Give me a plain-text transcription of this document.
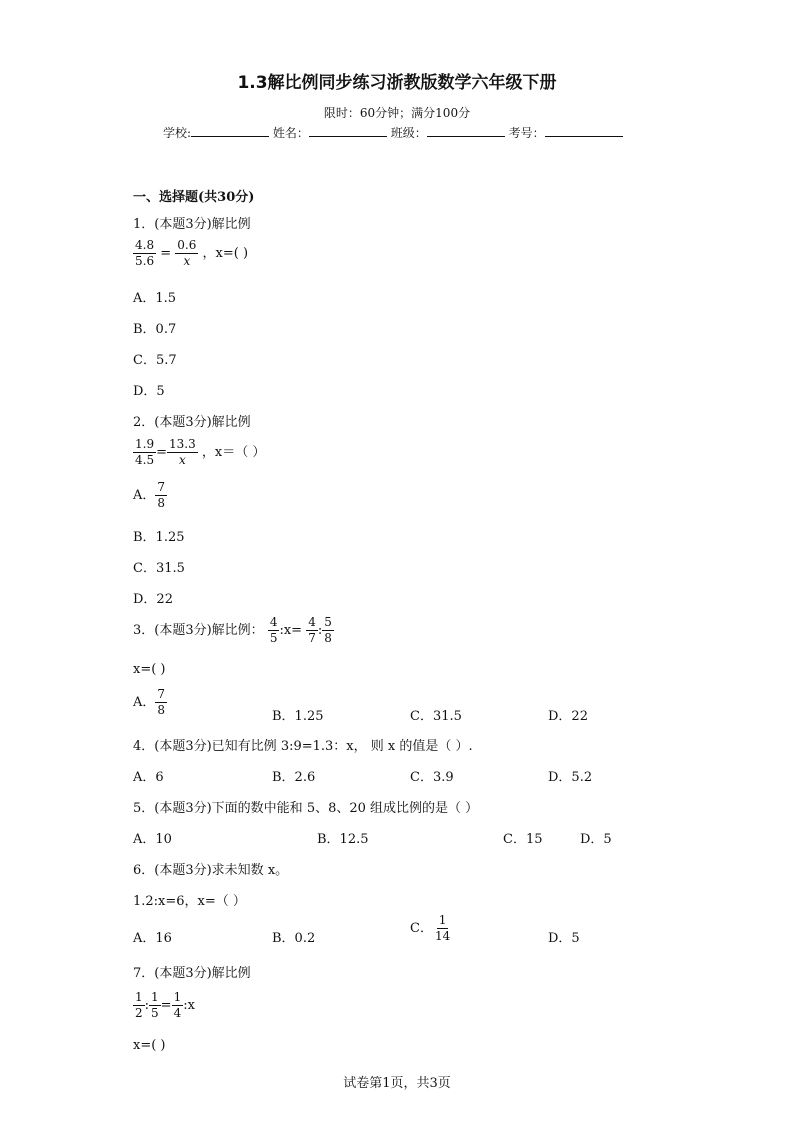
1.3解比例同步练习浙教版数学六年级下册
限时：60分钟；满分100分
学校:	姓名：	班级：	考号：
一、选择题(共30分)
1．(本题3分)解比例
$\frac{4.8}{5.6} = \frac{0.6}{x}$ ，x=( )
A．1.5
B．0.7
C．5.7
D．5
2．(本题3分)解比例
$\frac{1.9}{4.5} = \frac{13.3}{x}$ ，x＝（ ）
A． $\frac{7}{8}$
B．1.25
C．31.5
D．22
3．(本题3分)解比例： $\frac{4}{5}$ :x= $\frac{4}{7}$ : $\frac{5}{8}$
x=( )
A． $\frac{7}{8}$	B．1.25	C．31.5	D．22
4．(本题3分)已知有比例 3:9=1.3：x， 则 x 的值是（ ）.
A．6	B．2.6	C．3.9	D．5.2
5．(本题3分)下面的数中能和 5、8、20 组成比例的是（ ）
A．10	B．12.5	C．15	D．5
6．(本题3分)求未知数 x。
1.2:x=6，x=（ ）
A．16	B．0.2
C． $\frac{1}{14}$	D．5
7．(本题3分)解比例
$\frac{1}{2}$ : $\frac{1}{5} = \frac{1}{4}$ :x
x=( )
试卷第1页，共3页
